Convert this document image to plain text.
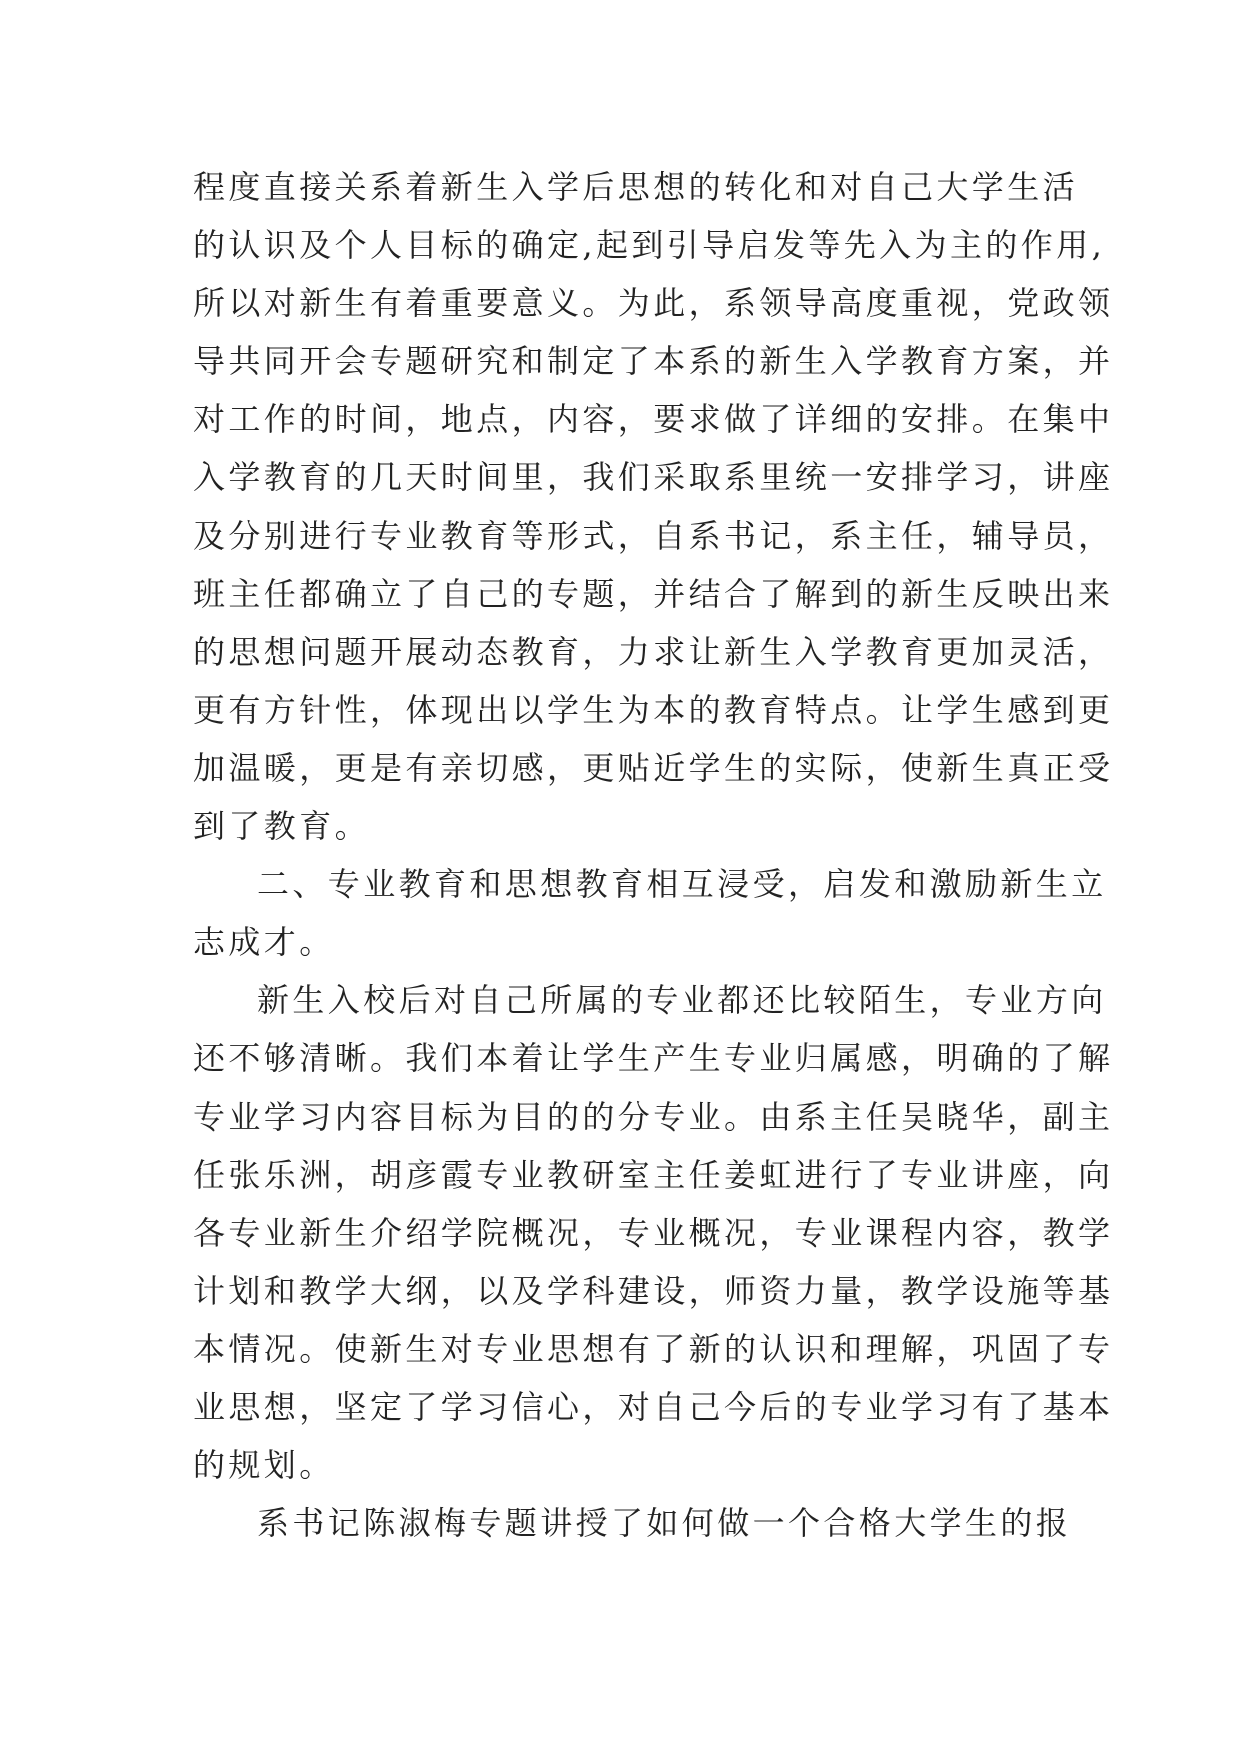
程度直接关系着新生入学后思想的转化和对自己大学生活
的认识及个人目标的确定,起到引导启发等先入为主的作用,
所以对新生有着重要意义。为此，系领导高度重视，党政领
导共同开会专题研究和制定了本系的新生入学教育方案，并
对工作的时间，地点，内容，要求做了详细的安排。在集中
入学教育的几天时间里，我们采取系里统一安排学习，讲座
及分别进行专业教育等形式，自系书记，系主任，辅导员，
班主任都确立了自己的专题，并结合了解到的新生反映出来
的思想问题开展动态教育，力求让新生入学教育更加灵活，
更有方针性，体现出以学生为本的教育特点。让学生感到更
加温暖，更是有亲切感，更贴近学生的实际，使新生真正受
到了教育。
二、专业教育和思想教育相互浸受，启发和激励新生立
志成才。
新生入校后对自己所属的专业都还比较陌生，专业方向
还不够清晰。我们本着让学生产生专业归属感，明确的了解
专业学习内容目标为目的的分专业。由系主任吴晓华，副主
任张乐洲，胡彦霞专业教研室主任姜虹进行了专业讲座，向
各专业新生介绍学院概况，专业概况，专业课程内容，教学
计划和教学大纲，以及学科建设，师资力量，教学设施等基
本情况。使新生对专业思想有了新的认识和理解，巩固了专
业思想，坚定了学习信心，对自己今后的专业学习有了基本
的规划。
系书记陈淑梅专题讲授了如何做一个合格大学生的报
